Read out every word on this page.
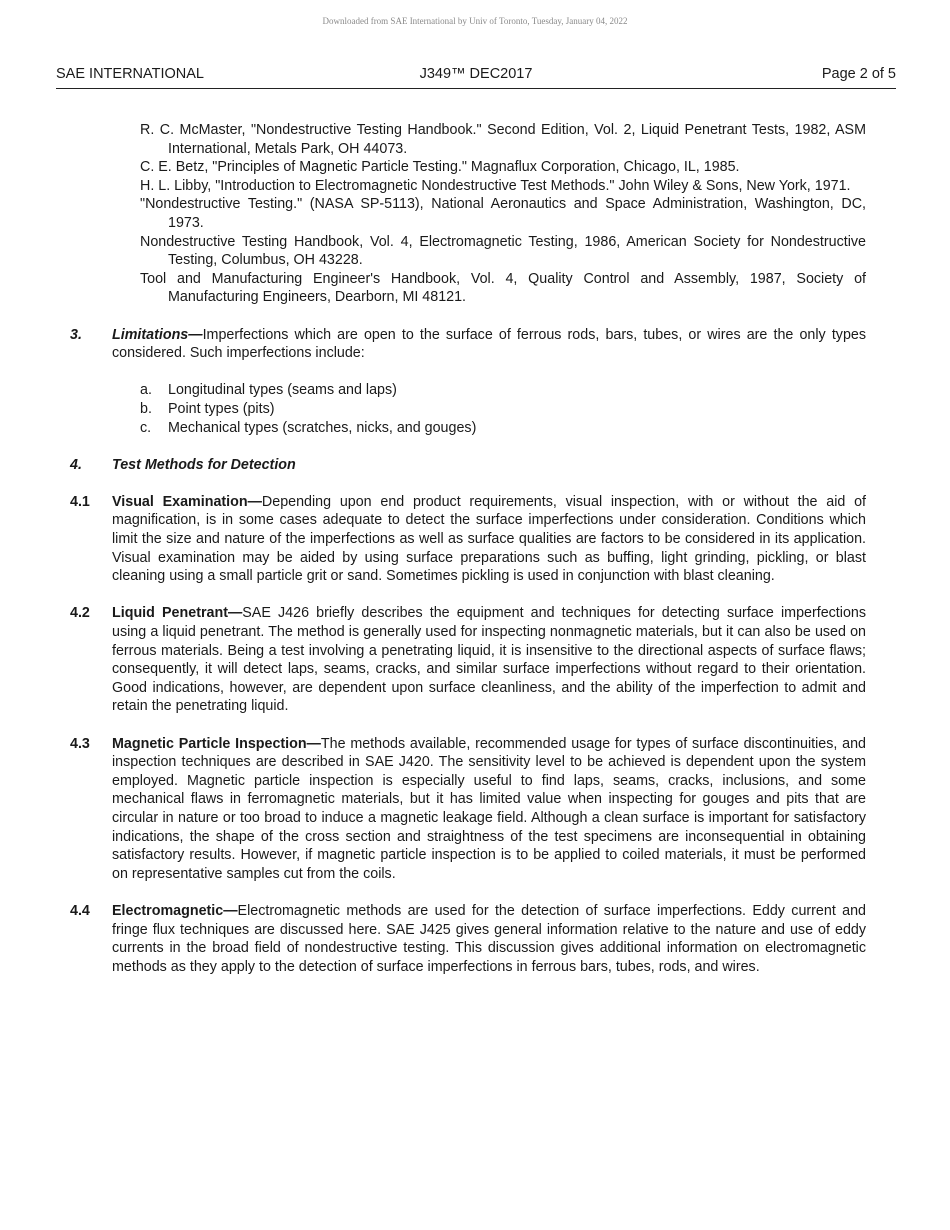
Downloaded from SAE International by Univ of Toronto, Tuesday, January 04, 2022
SAE INTERNATIONAL	J349™ DEC2017	Page 2 of 5
R. C. McMaster, "Nondestructive Testing Handbook." Second Edition, Vol. 2, Liquid Penetrant Tests, 1982, ASM International, Metals Park, OH 44073.
C. E. Betz, "Principles of Magnetic Particle Testing." Magnaflux Corporation, Chicago, IL, 1985.
H. L. Libby, "Introduction to Electromagnetic Nondestructive Test Methods." John Wiley & Sons, New York, 1971.
"Nondestructive Testing." (NASA SP-5113), National Aeronautics and Space Administration, Washington, DC, 1973.
Nondestructive Testing Handbook, Vol. 4, Electromagnetic Testing, 1986, American Society for Nondestructive Testing, Columbus, OH 43228.
Tool and Manufacturing Engineer's Handbook, Vol. 4, Quality Control and Assembly, 1987, Society of Manufacturing Engineers, Dearborn, MI 48121.
3.	Limitations—Imperfections which are open to the surface of ferrous rods, bars, tubes, or wires are the only types considered. Such imperfections include:
a.	Longitudinal types (seams and laps)
b.	Point types (pits)
c.	Mechanical types (scratches, nicks, and gouges)
4.	Test Methods for Detection
4.1	Visual Examination—Depending upon end product requirements, visual inspection, with or without the aid of magnification, is in some cases adequate to detect the surface imperfections under consideration. Conditions which limit the size and nature of the imperfections as well as surface qualities are factors to be considered in its application. Visual examination may be aided by using surface preparations such as buffing, light grinding, pickling, or blast cleaning using a small particle grit or sand. Sometimes pickling is used in conjunction with blast cleaning.
4.2	Liquid Penetrant—SAE J426 briefly describes the equipment and techniques for detecting surface imperfections using a liquid penetrant. The method is generally used for inspecting nonmagnetic materials, but it can also be used on ferrous materials. Being a test involving a penetrating liquid, it is insensitive to the directional aspects of surface flaws; consequently, it will detect laps, seams, cracks, and similar surface imperfections without regard to their orientation. Good indications, however, are dependent upon surface cleanliness, and the ability of the imperfection to admit and retain the penetrating liquid.
4.3	Magnetic Particle Inspection—The methods available, recommended usage for types of surface discontinuities, and inspection techniques are described in SAE J420. The sensitivity level to be achieved is dependent upon the system employed. Magnetic particle inspection is especially useful to find laps, seams, cracks, inclusions, and some mechanical flaws in ferromagnetic materials, but it has limited value when inspecting for gouges and pits that are circular in nature or too broad to induce a magnetic leakage field. Although a clean surface is important for satisfactory indications, the shape of the cross section and straightness of the test specimens are inconsequential in obtaining satisfactory results. However, if magnetic particle inspection is to be applied to coiled materials, it must be performed on representative samples cut from the coils.
4.4	Electromagnetic—Electromagnetic methods are used for the detection of surface imperfections. Eddy current and fringe flux techniques are discussed here. SAE J425 gives general information relative to the nature and use of eddy currents in the broad field of nondestructive testing. This discussion gives additional information on electromagnetic methods as they apply to the detection of surface imperfections in ferrous bars, tubes, rods, and wires.
